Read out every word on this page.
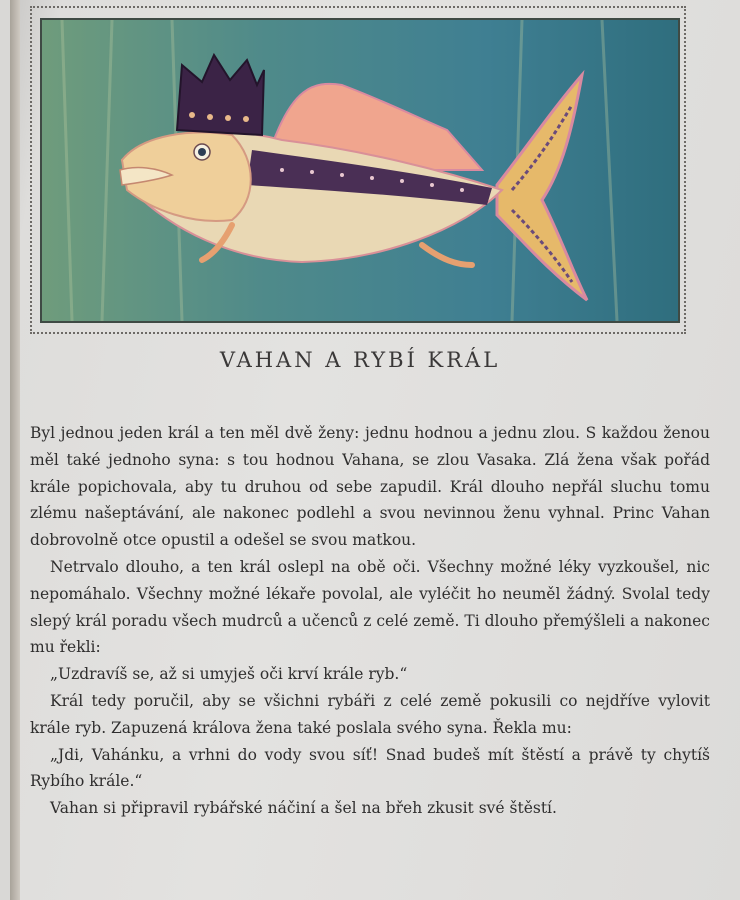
VAHAN A RYBÍ KRÁL

Byl jednou jeden král a ten měl dvě ženy: jednu hodnou a jednu zlou. S každou ženou měl také jednoho syna: s tou hodnou Vahana, se zlou Vasaka. Zlá žena však pořád krále popichovala, aby tu druhou od sebe zapudil. Král dlouho nepřál sluchu tomu zlému našeptávání, ale nakonec podlehl a svou nevinnou ženu vyhnal. Princ Vahan dobrovolně otce opustil a odešel se svou matkou.

Netrvalo dlouho, a ten král oslepl na obě oči. Všechny možné léky vyzkoušel, nic nepomáhalo. Všechny možné lékaře povolal, ale vyléčit ho neuměl žádný. Svolal tedy slepý král poradu všech mudrců a učenců z celé země. Ti dlouho přemýšleli a nakonec mu řekli:

„Uzdravíš se, až si umyješ oči krví krále ryb.“

Král tedy poručil, aby se všichni rybáři z celé země pokusili co nejdříve vylovit krále ryb. Zapuzená králova žena také poslala svého syna. Řekla mu:

„Jdi, Vahánku, a vrhni do vody svou síť! Snad budeš mít štěstí a právě ty chytíš Rybího krále.“

Vahan si připravil rybářské náčiní a šel na břeh zkusit své štěstí.
